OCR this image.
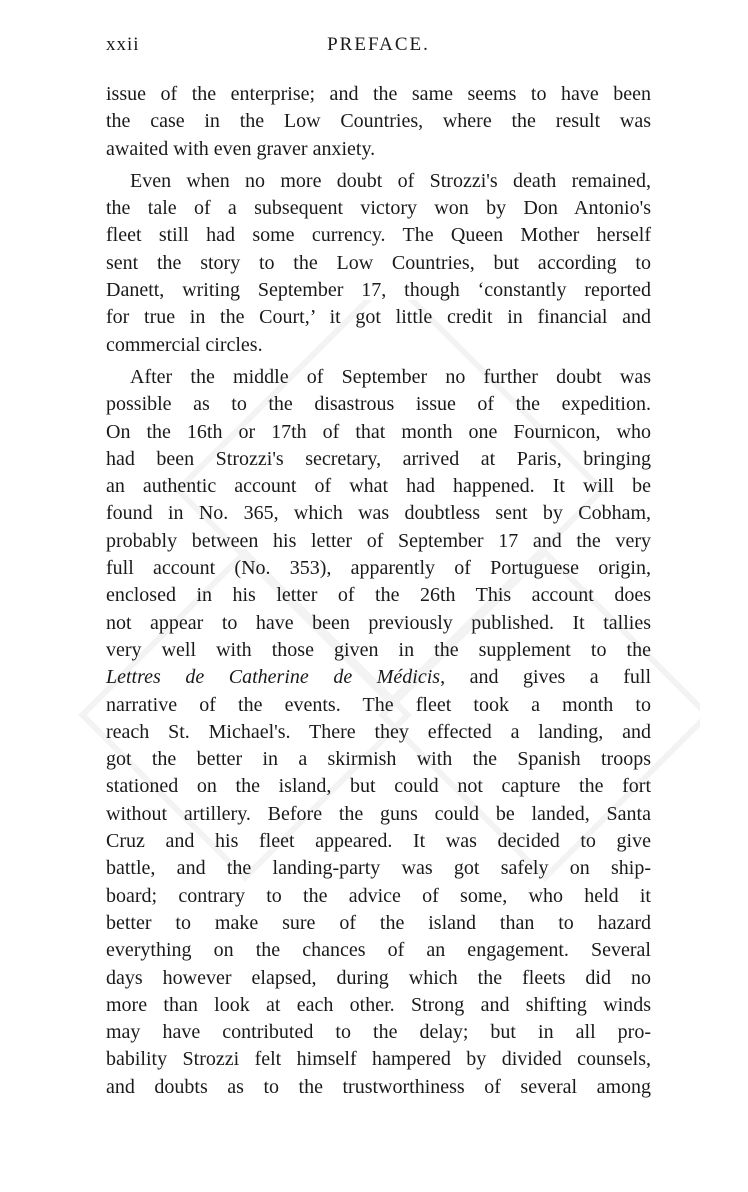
xxii	PREFACE.
issue of the enterprise; and the same seems to have been
the case in the Low Countries, where the result was
awaited with even graver anxiety.
Even when no more doubt of Strozzi's death remained,
the tale of a subsequent victory won by Don Antonio's
fleet still had some currency. The Queen Mother herself
sent the story to the Low Countries, but according to
Danett, writing September 17, though ‘constantly reported
for true in the Court,’ it got little credit in financial and
commercial circles.
After the middle of September no further doubt was
possible as to the disastrous issue of the expedition.
On the 16th or 17th of that month one Fournicon, who
had been Strozzi's secretary, arrived at Paris, bringing
an authentic account of what had happened. It will be
found in No. 365, which was doubtless sent by Cobham,
probably between his letter of September 17 and the very
full account (No. 353), apparently of Portuguese origin,
enclosed in his letter of the 26th This account does
not appear to have been previously published. It tallies
very well with those given in the supplement to the
Lettres de Catherine de Médicis, and gives a full
narrative of the events. The fleet took a month to
reach St. Michael's. There they effected a landing, and
got the better in a skirmish with the Spanish troops
stationed on the island, but could not capture the fort
without artillery. Before the guns could be landed, Santa
Cruz and his fleet appeared. It was decided to give
battle, and the landing-party was got safely on ship-
board; contrary to the advice of some, who held it
better to make sure of the island than to hazard
everything on the chances of an engagement. Several
days however elapsed, during which the fleets did no
more than look at each other. Strong and shifting winds
may have contributed to the delay; but in all pro-
bability Strozzi felt himself hampered by divided counsels,
and doubts as to the trustworthiness of several among
